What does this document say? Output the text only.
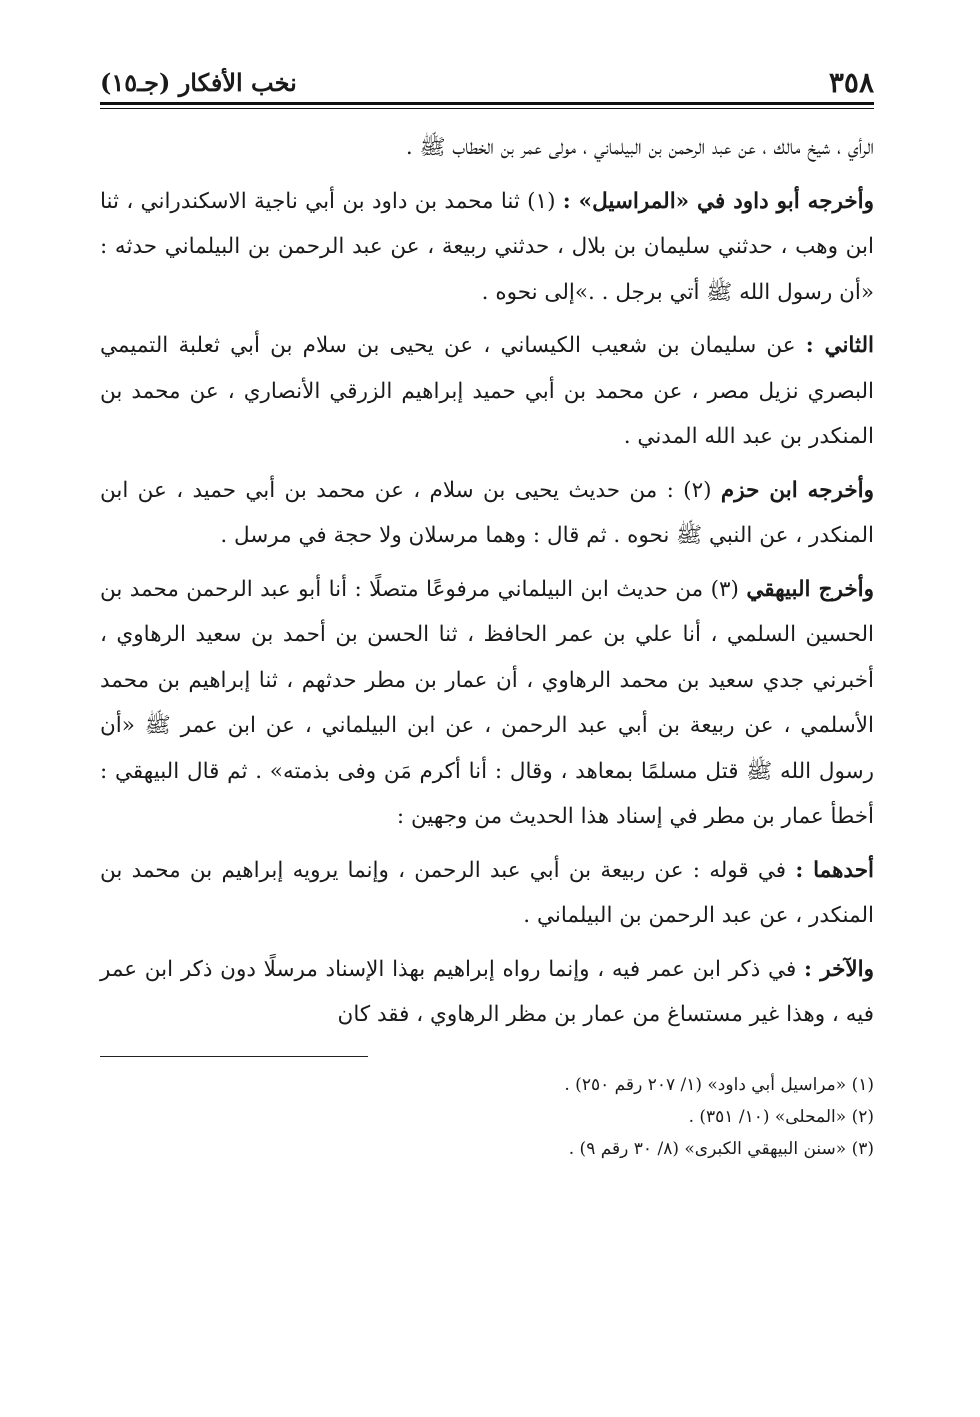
٣٥٨
نخب الأفكار (جـ١٥)

الرأي ، شيخ مالك ، عن عبد الرحمن بن البيلماني ، مولى عمر بن الخطاب ﷺ .

وأخرجه أبو داود في «المراسيل» : (١) ثنا محمد بن داود بن أبي ناجية الاسكندراني ، ثنا ابن وهب ، حدثني سليمان بن بلال ، حدثني ربيعة ، عن عبد الرحمن بن البيلماني حدثه : «أن رسول الله ﷺ أتي برجل . .»إلى نحوه .

الثاني : عن سليمان بن شعيب الكيساني ، عن يحيى بن سلام بن أبي ثعلبة التميمي البصري نزيل مصر ، عن محمد بن أبي حميد إبراهيم الزرقي الأنصاري ، عن محمد بن المنكدر بن عبد الله المدني .

وأخرجه ابن حزم (٢) : من حديث يحيى بن سلام ، عن محمد بن أبي حميد ، عن ابن المنكدر ، عن النبي ﷺ نحوه . ثم قال : وهما مرسلان ولا حجة في مرسل .

وأخرج البيهقي (٣) من حديث ابن البيلماني مرفوعًا متصلًا : أنا أبو عبد الرحمن محمد بن الحسين السلمي ، أنا علي بن عمر الحافظ ، ثنا الحسن بن أحمد بن سعيد الرهاوي ، أخبرني جدي سعيد بن محمد الرهاوي ، أن عمار بن مطر حدثهم ، ثنا إبراهيم بن محمد الأسلمي ، عن ربيعة بن أبي عبد الرحمن ، عن ابن البيلماني ، عن ابن عمر ﷺ «أن رسول الله ﷺ قتل مسلمًا بمعاهد ، وقال : أنا أكرم مَن وفى بذمته» . ثم قال البيهقي : أخطأ عمار بن مطر في إسناد هذا الحديث من وجهين :

أحدهما : في قوله : عن ربيعة بن أبي عبد الرحمن ، وإنما يرويه إبراهيم بن محمد بن المنكدر ، عن عبد الرحمن بن البيلماني .

والآخر : في ذكر ابن عمر فيه ، وإنما رواه إبراهيم بهذا الإسناد مرسلًا دون ذكر ابن عمر فيه ، وهذا غير مستساغ من عمار بن مظر الرهاوي ، فقد كان

(١) «مراسيل أبي داود» (١/ ٢٠٧ رقم ٢٥٠) .

(٢) «المحلى» (١٠/ ٣٥١) .

(٣) «سنن البيهقي الكبرى» (٨/ ٣٠ رقم ٩) .
